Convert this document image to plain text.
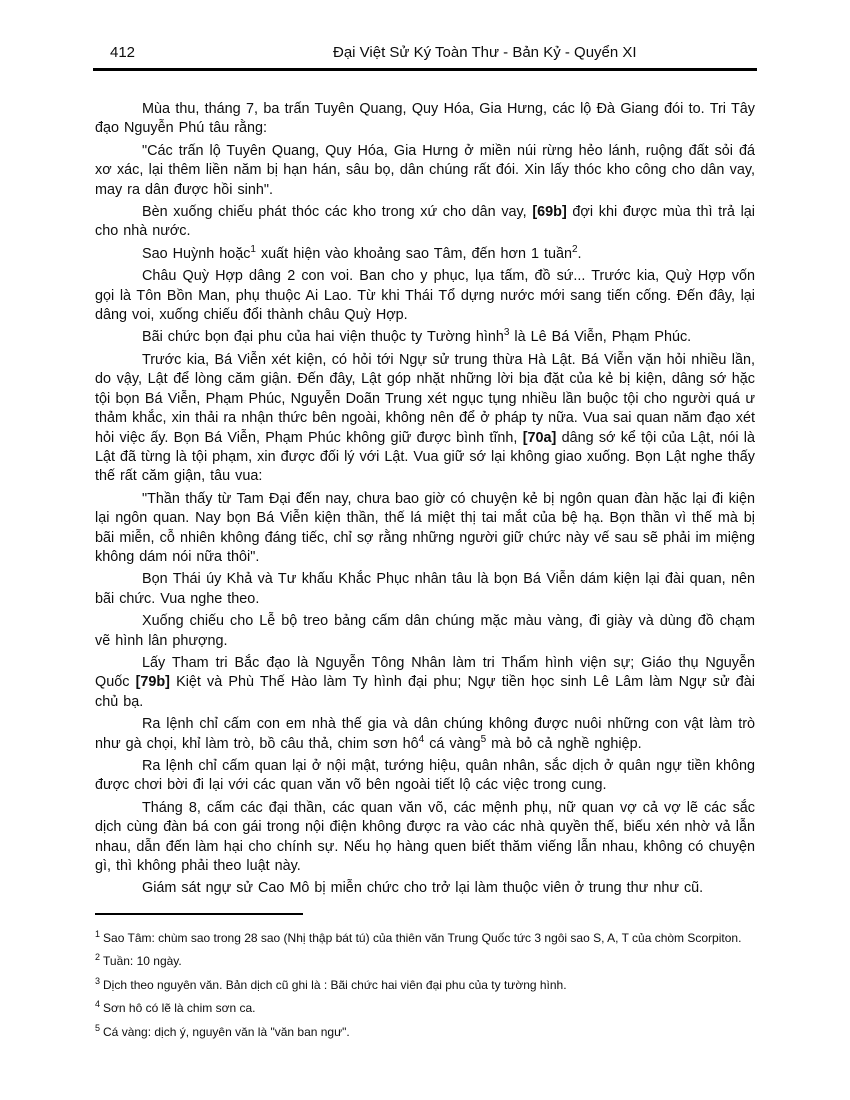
412	Đại Việt Sử Ký Toàn Thư - Bản Kỷ - Quyển XI

Mùa thu, tháng 7, ba trấn Tuyên Quang, Quy Hóa, Gia Hưng, các lộ Đà Giang đói to. Tri Tây đạo Nguyễn Phú tâu rằng:

"Các trấn lộ Tuyên Quang, Quy Hóa, Gia Hưng ở miền núi rừng hẻo lánh, ruộng đất sỏi đá xơ xác, lại thêm liền năm bị hạn hán, sâu bọ, dân chúng rất đói. Xin lấy thóc kho công cho dân vay, may ra dân được hồi sinh".

Bèn xuống chiếu phát thóc các kho trong xứ cho dân vay, [69b] đợi khi được mùa thì trả lại cho nhà nước.

Sao Huỳnh hoặc$^1$ xuất hiện vào khoảng sao Tâm, đến hơn 1 tuần$^2$.

Châu Quỳ Hợp dâng 2 con voi. Ban cho y phục, lụa tấm, đồ sứ... Trước kia, Quỳ Hợp vốn gọi là Tôn Bồn Man, phụ thuộc Ai Lao. Từ khi Thái Tổ dựng nước mới sang tiến cống. Đến đây, lại dâng voi, xuống chiếu đổi thành châu Quỳ Hợp.

Bãi chức bọn đại phu của hai viện thuộc ty Tường hình$^3$ là Lê Bá Viễn, Phạm Phúc.

Trước kia, Bá Viễn xét kiện, có hỏi tới Ngự sử trung thừa Hà Lật. Bá Viễn vặn hỏi nhiều lần, do vậy, Lật để lòng căm giận. Đến đây, Lật góp nhặt những lời bịa đặt của kẻ bị kiện, dâng sớ hặc tội bọn Bá Viễn, Phạm Phúc, Nguyễn Doãn Trung xét ngục tụng nhiều lần buộc tội cho người quá ư thảm khắc, xin thải ra nhận thức bên ngoài, không nên để ở pháp ty nữa. Vua sai quan năm đạo xét hỏi việc ấy. Bọn Bá Viễn, Phạm Phúc không giữ được bình tĩnh, [70a] dâng sớ kể tội của Lật, nói là Lật đã từng là tội phạm, xin được đối lý với Lật. Vua giữ sớ lại không giao xuống. Bọn Lật nghe thấy thế rất căm giận, tâu vua:

"Thần thấy từ Tam Đại đến nay, chưa bao giờ có chuyện kẻ bị ngôn quan đàn hặc lại đi kiện lại ngôn quan. Nay bọn Bá Viễn kiện thần, thế lá miệt thị tai mắt của bệ hạ. Bọn thần vì thế mà bị bãi miễn, cỗ nhiên không đáng tiếc, chỉ sợ rằng những người giữ chức này vế sau sẽ phải im miệng không dám nói nữa thôi".

Bọn Thái úy Khả và Tư khấu Khắc Phục nhân tâu là bọn Bá Viễn dám kiện lại đài quan, nên bãi chức. Vua nghe theo.

Xuống chiếu cho Lễ bộ treo bảng cấm dân chúng mặc màu vàng, đi giày và dùng đồ chạm vẽ hình lân phượng.

Lấy Tham tri Bắc đạo là Nguyễn Tông Nhân làm tri Thẩm hình viện sự; Giáo thụ Nguyễn Quốc [79b] Kiệt và Phù Thế Hào làm Ty hình đại phu; Ngự tiền học sinh Lê Lâm làm Ngự sử đài chủ bạ.

Ra lệnh chỉ cấm con em nhà thế gia và dân chúng không được nuôi những con vật làm trò như gà chọi, khỉ làm trò, bồ câu thả, chim sơn $hô^4$ cá vàng$^5$ mà bỏ cả nghề nghiệp.

Ra lệnh chỉ cấm quan lại ở nội mật, tướng hiệu, quân nhân, sắc dịch ở quân ngự tiền không được chơi bời đi lại với các quan văn võ bên ngoài tiết lộ các việc trong cung.

Tháng 8, cấm các đại thần, các quan văn võ, các mệnh phụ, nữ quan vợ cả vợ lẽ các sắc dịch cùng đàn bá con gái trong nội điện không được ra vào các nhà quyền thế, biếu xén nhờ vả lẫn nhau, dẫn đến làm hại cho chính sự. Nếu họ hàng quen biết thăm viếng lẫn nhau, không có chuyện gì, thì không phải theo luật này.

Giám sát ngự sử Cao Mô bị miễn chức cho trở lại làm thuộc viên ở trung thư như cũ.

$^1$ Sao Tâm: chùm sao trong 28 sao (Nhị thập bát tú) của thiên văn Trung Quốc tức 3 ngôi sao S, A, T của chòm Scorpiton.
$^2$ Tuần: 10 ngày.
$^3$ Dịch theo nguyên văn. Bản dịch cũ ghi là : Bãi chức hai viên đại phu của ty tường hình.
$^4$ Sơn hô có lẽ là chim sơn ca.
$^5$ Cá vàng: dịch ý, nguyên văn là "văn ban ngư".
